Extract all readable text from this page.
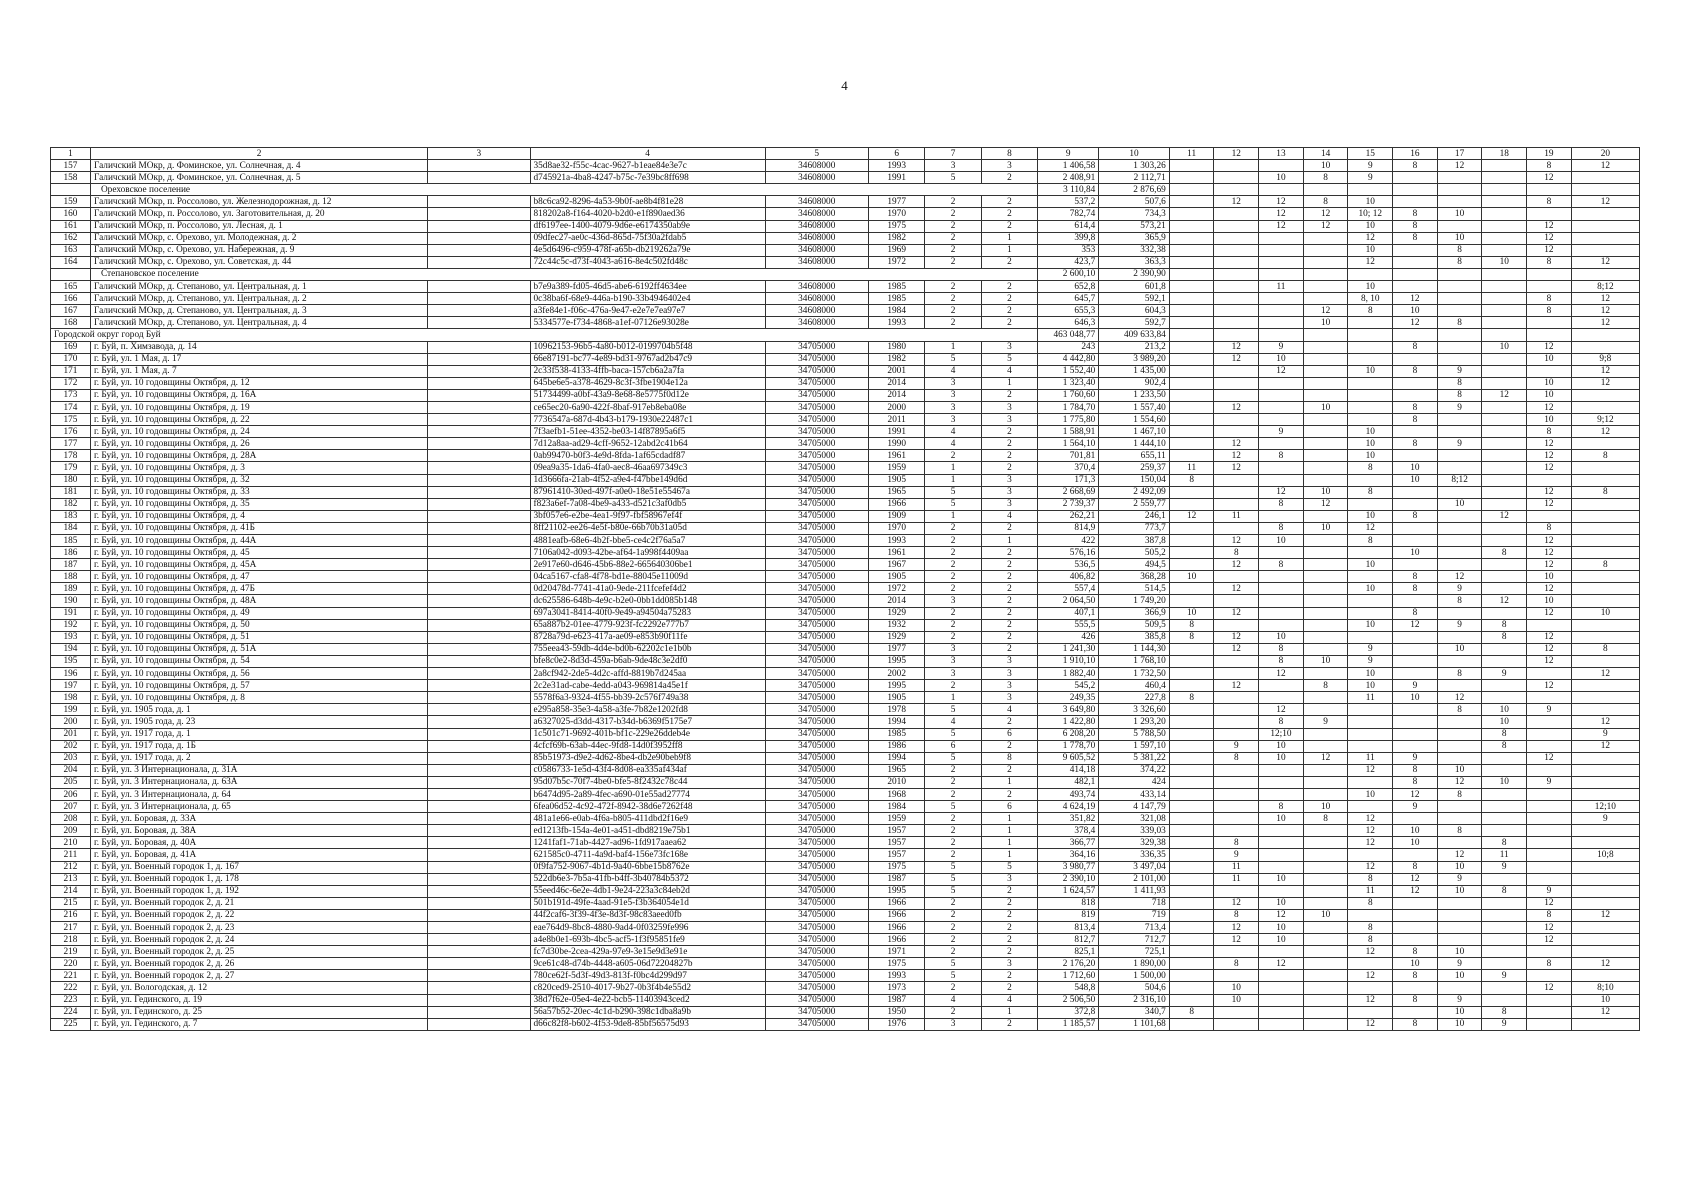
4
1	2	3	4	5	6	7	8	9	10	11	12	13	14	15	16	17	18	19	20
157	Галичский МОкр, д. Фоминское, ул. Солнечная, д. 4		35d8ae32-f55c-4cac-9627-b1eae84e3e7c	34608000	1993	3	3	1 406,58	1 303,26				10	9	8	12		8	12
158	Галичский МОкр, д. Фоминское, ул. Солнечная, д. 5		d745921a-4ba8-4247-b75c-7e39bc8ff698	34608000	1991	5	2	2 408,91	2 112,71			10	8	9				12	
	Ореховское поселение							3 110,84	2 876,69										
159	Галичский МОкр, п. Россолово, ул. Железнодорожная, д. 12		b8c6ca92-8296-4a53-9b0f-ae8b4f81e28	34608000	1977	2	2	537,2	507,6		12	12	8	10				8	12
160	Галичский МОкр, п. Россолово, ул. Заготовительная, д. 20		818202a8-f164-4020-b2d0-e1f890aed36	34608000	1970	2	2	782,74	734,3			12	12	10; 12	8	10			
161	Галичский МОкр, п. Россолово, ул. Лесная, д. 1		df6197ee-1400-4079-9d6e-e6174350ab9e	34608000	1975	2	2	614,4	573,21			12	12	10	8			12	
162	Галичский МОкр, с. Орехово, ул. Молодежная, д. 2		09dfec27-ae0c-436d-865d-75f30a2fdab5	34608000	1982	2	1	399,8	365,9					12	8	10		12	
163	Галичский МОкр, с. Орехово, ул. Набережная, д. 9		4e5d6496-c959-478f-a65b-db219262a79e	34608000	1969	2	1	353	332,38					10		8		12	
164	Галичский МОкр, с. Орехово, ул. Советская, д. 44		72c44c5c-d73f-4043-a616-8e4c502fd48c	34608000	1972	2	2	423,7	363,3					12		8	10	8	12
	Степановское поселение							2 600,10	2 390,90										
165	Галичский МОкр, д. Степаново, ул. Центральная, д. 1		b7e9a389-fd05-46d5-abe6-6192ff4634ee	34608000	1985	2	2	652,8	601,8			11		10					8;12
166	Галичский МОкр, д. Степаново, ул. Центральная, д. 2		0c38ba6f-68e9-446a-b190-33b4946402e4	34608000	1985	2	2	645,7	592,1					8, 10	12			8	12
167	Галичский МОкр, д. Степаново, ул. Центральная, д. 3		a3fe84e1-f06c-476a-9e47-e2e7e7ea97e7	34608000	1984	2	2	655,3	604,3				12	8	10			8	12
168	Галичский МОкр, д. Степаново, ул. Центральная, д. 4		5334577e-f734-4868-a1ef-07126e93028e	34608000	1993	2	2	646,3	592,7				10		12	8			12
Городской округ город Буй								463 048,77	409 633,84										
169	г. Буй, п. Химзавода, д. 14		10962153-96b5-4a80-b012-0199704b5f48	34705000	1980	1	3	243	213,2		12	9			8		10	12	
170	г. Буй, ул. 1 Мая, д. 17		66e87191-bc77-4e89-bd31-9767ad2b47c9	34705000	1982	5	5	4 442,80	3 989,20		12	10						10	9;8
171	г. Буй, ул. 1 Мая, д. 7		2c33f538-4133-4ffb-baca-157cb6a2a7fa	34705000	2001	4	4	1 552,40	1 435,00			12		10	8	9			12
172	г. Буй, ул. 10 годовщины Октября, д. 12		645be6e5-a378-4629-8c3f-3fbe1904e12a	34705000	2014	3	1	1 323,40	902,4							8		10	12
173	г. Буй, ул. 10 годовщины Октября, д. 16А		51734499-a0bf-43a9-8e68-8e5775f0d12e	34705000	2014	3	2	1 760,60	1 233,50							8	12	10	
174	г. Буй, ул. 10 годовщины Октября, д. 19		ce65ec20-6a90-422f-8baf-917eb8eba08e	34705000	2000	3	3	1 784,70	1 557,40		12		10		8	9		12	
175	г. Буй, ул. 10 годовщины Октября, д. 22		7736547a-687d-4b43-b179-1930e22487c1	34705000	2011	3	3	1 775,80	1 554,60						8			10	9;12
176	г. Буй, ул. 10 годовщины Октября, д. 24		7f3aefb1-51ee-4352-be03-14f87895a6f5	34705000	1991	4	2	1 588,91	1 467,10			9		10				8	12
177	г. Буй, ул. 10 годовщины Октября, д. 26		7d12a8aa-ad29-4cff-9652-12abd2c41b64	34705000	1990	4	2	1 564,10	1 444,10		12			10	8	9		12	
178	г. Буй, ул. 10 годовщины Октября, д. 28А		0ab99470-b0f3-4e9d-8fda-1af65cdadf87	34705000	1961	2	2	701,81	655,11		12	8		10				12	8
179	г. Буй, ул. 10 годовщины Октября, д. 3		09ea9a35-1da6-4fa0-aec8-46aa697349c3	34705000	1959	1	2	370,4	259,37	11	12			8	10			12	
180	г. Буй, ул. 10 годовщины Октября, д. 32		1d3666fa-21ab-4f52-a9e4-f47bbe149d6d	34705000	1905	1	3	171,3	150,04	8					10	8;12			
181	г. Буй, ул. 10 годовщины Октября, д. 33		87961410-30ed-497f-a0e0-18e51e55467a	34705000	1965	5	3	2 668,69	2 492,09			12	10	8				12	8
182	г. Буй, ул. 10 годовщины Октября, д. 35		f823a6ef-7a08-4be9-a433-d521c3af0db5	34705000	1966	5	3	2 739,37	2 559,77			8	12			10		12	
183	г. Буй, ул. 10 годовщины Октября, д. 4		3bf057e6-e2be-4ea1-9f97-fbf58967ef4f	34705000	1909	1	4	262,21	246,1	12	11			10	8		12		
184	г. Буй, ул. 10 годовщины Октября, д. 41Б		8ff21102-ee26-4e5f-b80e-66b70b31a05d	34705000	1970	2	2	814,9	773,7			8	10	12				8	
185	г. Буй, ул. 10 годовщины Октября, д. 44А		4881eafb-68e6-4b2f-bbe5-ce4c2f76a5a7	34705000	1993	2	1	422	387,8		12	10		8				12	
186	г. Буй, ул. 10 годовщины Октября, д. 45		7106a042-d093-42be-af64-1a998f4409aa	34705000	1961	2	2	576,16	505,2		8				10		8	12	
187	г. Буй, ул. 10 годовщины Октября, д. 45А		2e917e60-d646-45b6-88e2-665640306be1	34705000	1967	2	2	536,5	494,5		12	8		10				12	8
188	г. Буй, ул. 10 годовщины Октября, д. 47		04ca5167-cfa8-4f78-bd1e-88045e11009d	34705000	1905	2	2	406,82	368,28	10					8	12		10	
189	г. Буй, ул. 10 годовщины Октября, д. 47Б		0d20478d-7741-41a0-9ede-211fcefef4d2	34705000	1972	2	2	557,4	514,5		12			10	8	9		12	
190	г. Буй, ул. 10 годовщины Октября, д. 48А		dc625586-648b-4e9c-b2e0-0bb1dd085b148	34705000	2014	3	2	2 064,50	1 749,20							8	12	10	
191	г. Буй, ул. 10 годовщины Октября, д. 49		697a3041-8414-40f0-9e49-a94504a75283	34705000	1929	2	2	407,1	366,9	10	12				8			12	10
192	г. Буй, ул. 10 годовщины Октября, д. 50		65a887b2-01ee-4779-923f-fc2292e777b7	34705000	1932	2	2	555,5	509,5	8				10	12	9	8		
193	г. Буй, ул. 10 годовщины Октября, д. 51		8728a79d-e623-417a-ae09-e853b90f11fe	34705000	1929	2	2	426	385,8	8	12	10					8	12	
194	г. Буй, ул. 10 годовщины Октября, д. 51А		755eea43-59db-4d4e-bd0b-62202c1e1b0b	34705000	1977	3	2	1 241,30	1 144,30		12	8		9		10		12	8
195	г. Буй, ул. 10 годовщины Октября, д. 54		bfe8c0e2-8d3d-459a-b6ab-9de48c3e2df0	34705000	1995	3	3	1 910,10	1 768,10			8	10	9				12	
196	г. Буй, ул. 10 годовщины Октября, д. 56		2a8cf942-2de5-4d2c-affd-8819b7d245aa	34705000	2002	3	3	1 882,40	1 732,50			12		10		8	9		12
197	г. Буй, ул. 10 годовщины Октября, д. 57		2c2e31ad-cabe-4edd-a043-969814a45e1f	34705000	1995	2	3	545,2	460,4		12		8	10	9			12	
198	г. Буй, ул. 10 годовщины Октября, д. 8		5578f6a3-9324-4f55-bb39-2c576f749a38	34705000	1905	1	3	249,35	227,8	8				11	10	12			
199	г. Буй, ул. 1905 года, д. 1		e295a858-35e3-4a58-a3fe-7b82e1202fd8	34705000	1978	5	4	3 649,80	3 326,60			12				8	10	9	
200	г. Буй, ул. 1905 года, д. 23		a6327025-d3dd-4317-b34d-b6369f5175e7	34705000	1994	4	2	1 422,80	1 293,20			8	9				10		12
201	г. Буй, ул. 1917 года, д. 1		1c501c71-9692-401b-bf1c-229e26ddeb4e	34705000	1985	5	6	6 208,20	5 788,50			12;10					8		9
202	г. Буй, ул. 1917 года, д. 1Б		4cfcf69b-63ab-44ec-9fd8-14d0f3952ff8	34705000	1986	6	2	1 778,70	1 597,10		9	10					8		12
203	г. Буй, ул. 1917 года, д. 2		85b51973-d9e2-4d62-8be4-db2e90beb9f8	34705000	1994	5	8	9 605,52	5 381,22		8	10	12	11	9			12	
204	г. Буй, ул. 3 Интернационала, д. 31А		c0586733-1e5d-43f4-8d08-ea335af434af	34705000	1965	2	2	414,18	374,22					12	8	10			
205	г. Буй, ул. 3 Интернационала, д. 63А		95d07b5c-70f7-4be0-bfe5-8f2432c78c44	34705000	2010	2	1	482,1	424						8	12	10	9	
206	г. Буй, ул. 3 Интернационала, д. 64		b6474d95-2a89-4fec-a690-01e55ad27774	34705000	1968	2	2	493,74	433,14					10	12	8			
207	г. Буй, ул. 3 Интернационала, д. 65		6fea06d52-4c92-472f-8942-38d6e7262f48	34705000	1984	5	6	4 624,19	4 147,79			8	10		9				12;10
208	г. Буй, ул. Боровая, д. 33А		481a1e66-e0ab-4f6a-b805-411dbd2f16e9	34705000	1959	2	1	351,82	321,08			10	8	12					9
209	г. Буй, ул. Боровая, д. 38А		ed1213fb-154a-4e01-a451-dbd8219e75b1	34705000	1957	2	1	378,4	339,03					12	10	8			
210	г. Буй, ул. Боровая, д. 40А		1241faf1-71ab-4427-ad96-1fd917aaea62	34705000	1957	2	1	366,77	329,38		8			12	10		8		
211	г. Буй, ул. Боровая, д. 41А		621585c0-4711-4a9d-baf4-156e73fc168e	34705000	1957	2	1	364,16	336,35		9					12	11		10;8
212	г. Буй, ул. Военный городок 1, д. 167		0f9fa752-9067-4b1d-9a40-6bbe15b8762e	34705000	1975	5	5	3 980,77	3 497,04		11			12	8	10	9		
213	г. Буй, ул. Военный городок 1, д. 178		522db6e3-7b5a-41fb-b4ff-3b40784b5372	34705000	1987	5	3	2 390,10	2 101,00		11	10		8	12	9			
214	г. Буй, ул. Военный городок 1, д. 192		55eed46c-6e2e-4db1-9e24-223a3c84eb2d	34705000	1995	5	2	1 624,57	1 411,93					11	12	10	8	9	
215	г. Буй, ул. Военный городок 2, д. 21		501b191d-49fe-4aad-91e5-f3b364054e1d	34705000	1966	2	2	818	718		12	10		8				12	
216	г. Буй, ул. Военный городок 2, д. 22		44f2caf6-3f39-4f3e-8d3f-98c83aeed0fb	34705000	1966	2	2	819	719		8	12	10					8	12
217	г. Буй, ул. Военный городок 2, д. 23		eae764d9-8bc8-4880-9ad4-0f03259fe996	34705000	1966	2	2	813,4	713,4		12	10		8				12	
218	г. Буй, ул. Военный городок 2, д. 24		a4e8b0e1-693b-4bc5-acf5-1f3f95851fe9	34705000	1966	2	2	812,7	712,7		12	10		8				12	
219	г. Буй, ул. Военный городок 2, д. 25		fc7d30be-2cea-429a-97e9-3e15e9d3e91e	34705000	1971	2	2	825,1	725,1					12	8	10			
220	г. Буй, ул. Военный городок 2, д. 26		9ce61c48-d74b-4448-a605-06d72204827b	34705000	1975	5	3	2 176,20	1 890,00		8	12			10	9		8	12
221	г. Буй, ул. Военный городок 2, д. 27		780ce62f-5d3f-49d3-813f-f0bc4d299d97	34705000	1993	5	2	1 712,60	1 500,00					12	8	10	9		
222	г. Буй, ул. Вологодская, д. 12		c820ced9-2510-4017-9b27-0b3f4b4e55d2	34705000	1973	2	2	548,8	504,6		10							12	8;10
223	г. Буй, ул. Гединского, д. 19		38d7f62e-05e4-4e22-bcb5-11403943ced2	34705000	1987	4	4	2 506,50	2 316,10		10			12	8	9			10
224	г. Буй, ул. Гединского, д. 25		56a57b52-20ec-4c1d-b290-398c1dba8a9b	34705000	1950	2	1	372,8	340,7	8						10	8		12
225	г. Буй, ул. Гединского, д. 7		d66c82f8-b602-4f53-9de8-85bf56575d93	34705000	1976	3	2	1 185,57	1 101,68					12	8	10	9		
